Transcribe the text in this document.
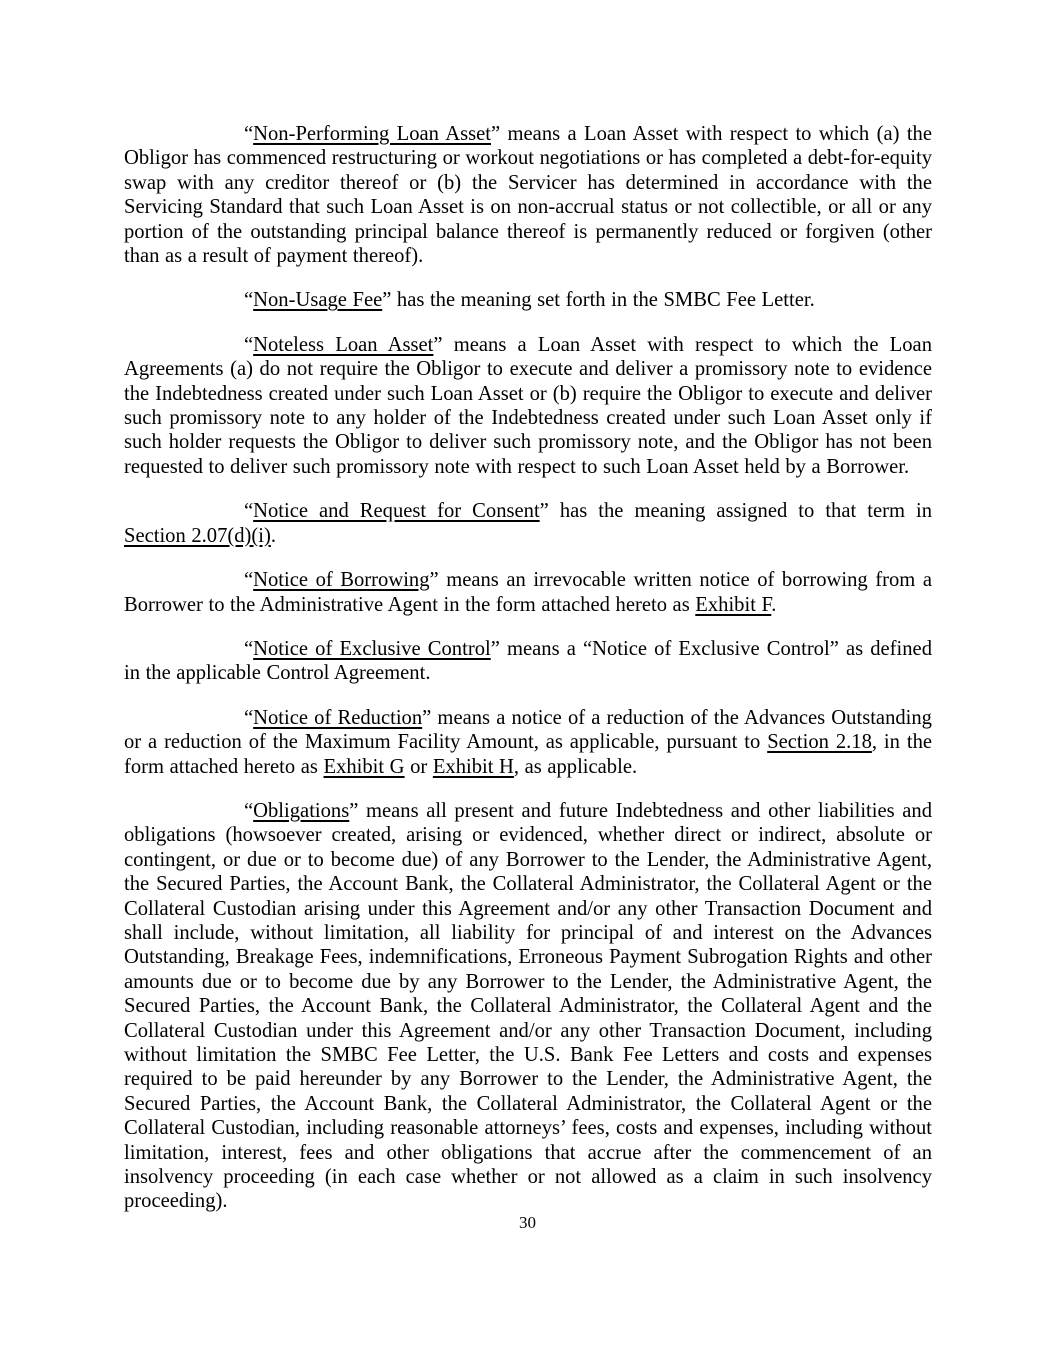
“Non-Performing Loan Asset” means a Loan Asset with respect to which (a) the Obligor has commenced restructuring or workout negotiations or has completed a debt-for-equity swap with any creditor thereof or (b) the Servicer has determined in accordance with the Servicing Standard that such Loan Asset is on non-accrual status or not collectible, or all or any portion of the outstanding principal balance thereof is permanently reduced or forgiven (other than as a result of payment thereof).

“Non-Usage Fee” has the meaning set forth in the SMBC Fee Letter.

“Noteless Loan Asset” means a Loan Asset with respect to which the Loan Agreements (a) do not require the Obligor to execute and deliver a promissory note to evidence the Indebtedness created under such Loan Asset or (b) require the Obligor to execute and deliver such promissory note to any holder of the Indebtedness created under such Loan Asset only if such holder requests the Obligor to deliver such promissory note, and the Obligor has not been requested to deliver such promissory note with respect to such Loan Asset held by a Borrower.

“Notice and Request for Consent” has the meaning assigned to that term in Section 2.07(d)(i).

“Notice of Borrowing” means an irrevocable written notice of borrowing from a Borrower to the Administrative Agent in the form attached hereto as Exhibit F.

“Notice of Exclusive Control” means a “Notice of Exclusive Control” as defined in the applicable Control Agreement.

“Notice of Reduction” means a notice of a reduction of the Advances Outstanding or a reduction of the Maximum Facility Amount, as applicable, pursuant to Section 2.18, in the form attached hereto as Exhibit G or Exhibit H, as applicable.

“Obligations” means all present and future Indebtedness and other liabilities and obligations (howsoever created, arising or evidenced, whether direct or indirect, absolute or contingent, or due or to become due) of any Borrower to the Lender, the Administrative Agent, the Secured Parties, the Account Bank, the Collateral Administrator, the Collateral Agent or the Collateral Custodian arising under this Agreement and/or any other Transaction Document and shall include, without limitation, all liability for principal of and interest on the Advances Outstanding, Breakage Fees, indemnifications, Erroneous Payment Subrogation Rights and other amounts due or to become due by any Borrower to the Lender, the Administrative Agent, the Secured Parties, the Account Bank, the Collateral Administrator, the Collateral Agent and the Collateral Custodian under this Agreement and/or any other Transaction Document, including without limitation the SMBC Fee Letter, the U.S. Bank Fee Letters and costs and expenses required to be paid hereunder by any Borrower to the Lender, the Administrative Agent, the Secured Parties, the Account Bank, the Collateral Administrator, the Collateral Agent or the Collateral Custodian, including reasonable attorneys’ fees, costs and expenses, including without limitation, interest, fees and other obligations that accrue after the commencement of an insolvency proceeding (in each case whether or not allowed as a claim in such insolvency proceeding).

30
